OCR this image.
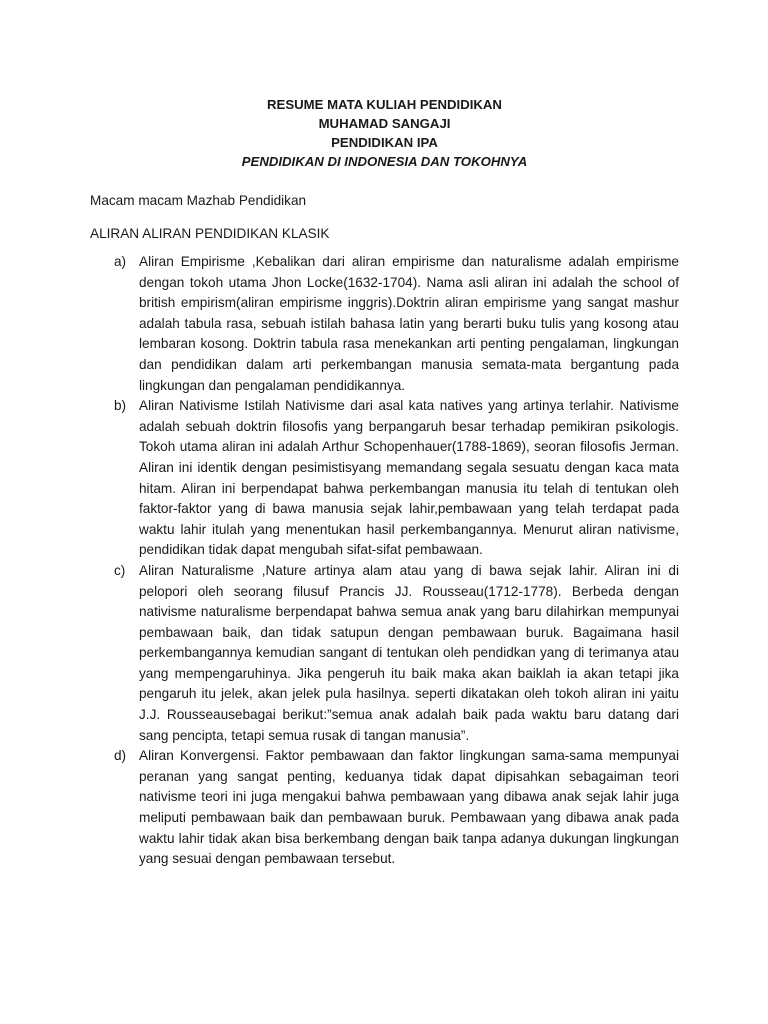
RESUME MATA KULIAH PENDIDIKAN
MUHAMAD SANGAJI
PENDIDIKAN IPA
PENDIDIKAN DI INDONESIA DAN TOKOHNYA
Macam macam Mazhab Pendidikan
ALIRAN ALIRAN PENDIDIKAN KLASIK
a) Aliran Empirisme ,Kebalikan dari aliran empirisme dan naturalisme adalah empirisme dengan tokoh utama Jhon Locke(1632-1704). Nama asli aliran ini adalah the school of british empirism(aliran empirisme inggris).Doktrin aliran empirisme yang sangat mashur adalah tabula rasa, sebuah istilah bahasa latin yang berarti buku tulis yang kosong atau lembaran kosong. Doktrin tabula rasa menekankan arti penting pengalaman, lingkungan dan pendidikan dalam arti perkembangan manusia semata-mata bergantung pada lingkungan dan pengalaman pendidikannya.
b) Aliran Nativisme Istilah Nativisme dari asal kata natives yang artinya terlahir. Nativisme adalah sebuah doktrin filosofis yang berpangaruh besar terhadap pemikiran psikologis. Tokoh utama aliran ini adalah Arthur Schopenhauer(1788-1869), seoran filosofis Jerman. Aliran ini identik dengan pesimistisyang memandang segala sesuatu dengan kaca mata hitam. Aliran ini berpendapat bahwa perkembangan manusia itu telah di tentukan oleh faktor-faktor yang di bawa manusia sejak lahir,pembawaan yang telah terdapat pada waktu lahir itulah yang menentukan hasil perkembangannya. Menurut aliran nativisme, pendidikan tidak dapat mengubah sifat-sifat pembawaan.
c) Aliran Naturalisme ,Nature artinya alam atau yang di bawa sejak lahir. Aliran ini di pelopori oleh seorang filusuf Prancis JJ. Rousseau(1712-1778). Berbeda dengan nativisme naturalisme berpendapat bahwa semua anak yang baru dilahirkan mempunyai pembawaan baik, dan tidak satupun dengan pembawaan buruk. Bagaimana hasil perkembangannya kemudian sangant di tentukan oleh pendidkan yang di terimanya atau yang mempengaruhinya. Jika pengeruh itu baik maka akan baiklah ia akan tetapi jika pengaruh itu jelek, akan jelek pula hasilnya. seperti dikatakan oleh tokoh aliran ini yaitu J.J. Rousseausebagai berikut:”semua anak adalah baik pada waktu baru datang dari sang pencipta, tetapi semua rusak di tangan manusia”.
d) Aliran Konvergensi. Faktor pembawaan dan faktor lingkungan sama-sama mempunyai peranan yang sangat penting, keduanya tidak dapat dipisahkan sebagaiman teori nativisme teori ini juga mengakui bahwa pembawaan yang dibawa anak sejak lahir juga meliputi pembawaan baik dan pembawaan buruk. Pembawaan yang dibawa anak pada waktu lahir tidak akan bisa berkembang dengan baik tanpa adanya dukungan lingkungan yang sesuai dengan pembawaan tersebut.
